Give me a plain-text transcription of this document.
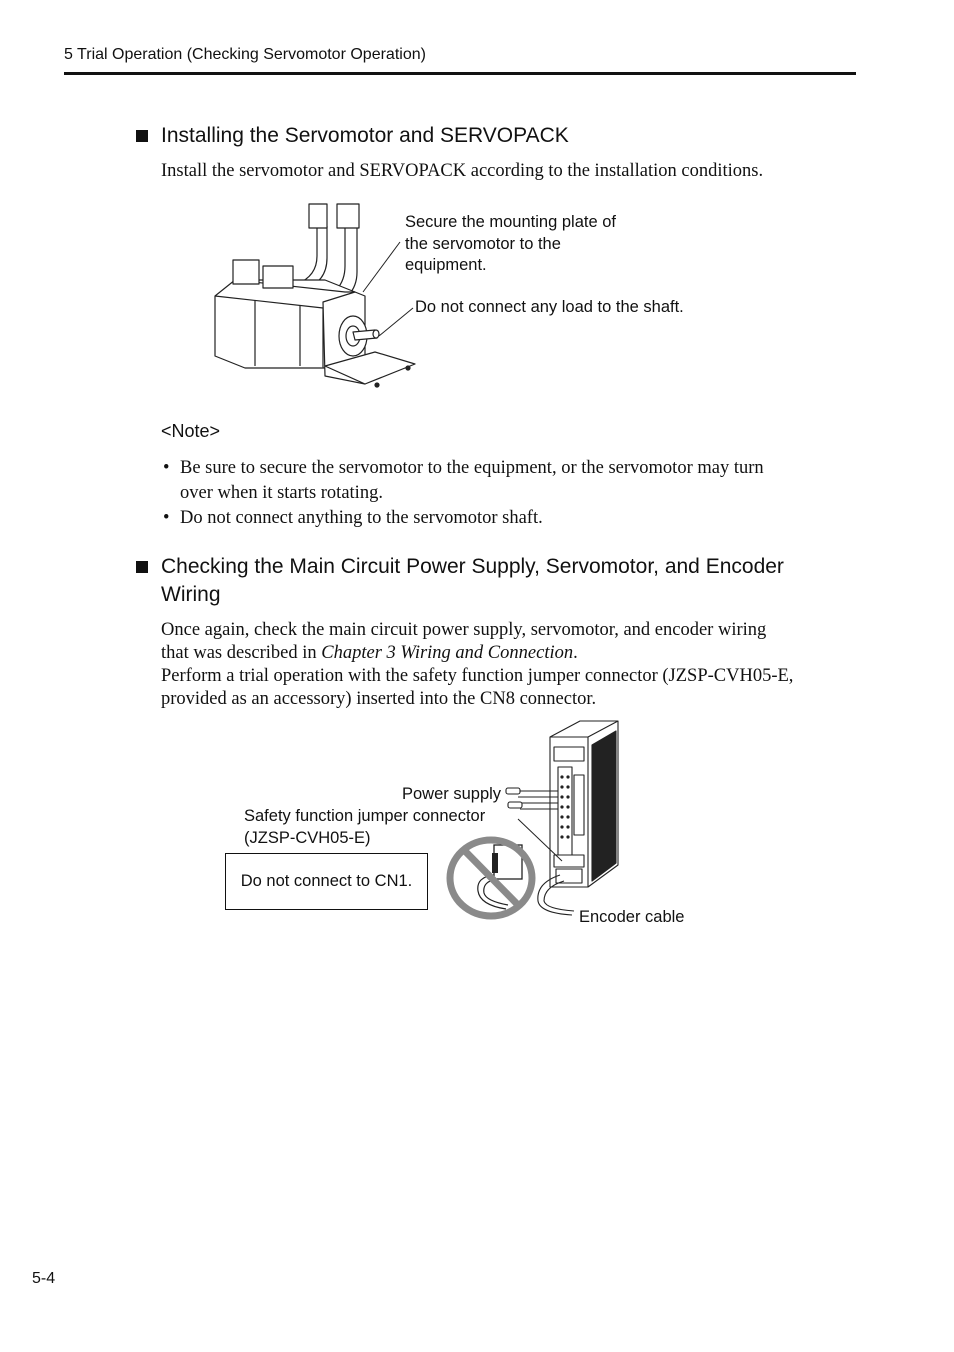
5 Trial Operation (Checking Servomotor Operation)
Installing the Servomotor and SERVOPACK
Install the servomotor and SERVOPACK according to the installation conditions.
Secure the mounting plate of
the servomotor to the
equipment.
Do not connect any load to the shaft.
<Note>
• Be sure to secure the servomotor to the equipment, or the servomotor may turn
over when it starts rotating.
• Do not connect anything to the servomotor shaft.
Checking the Main Circuit Power Supply, Servomotor, and Encoder
Wiring
Once again, check the main circuit power supply, servomotor, and encoder wiring
that was described in Chapter 3 Wiring and Connection.
Perform a trial operation with the safety function jumper connector (JZSP-CVH05-E,
provided as an accessory) inserted into the CN8 connector.
Power supply
Safety function jumper connector
(JZSP-CVH05-E)
Do not connect to CN1.
Encoder cable
5-4
